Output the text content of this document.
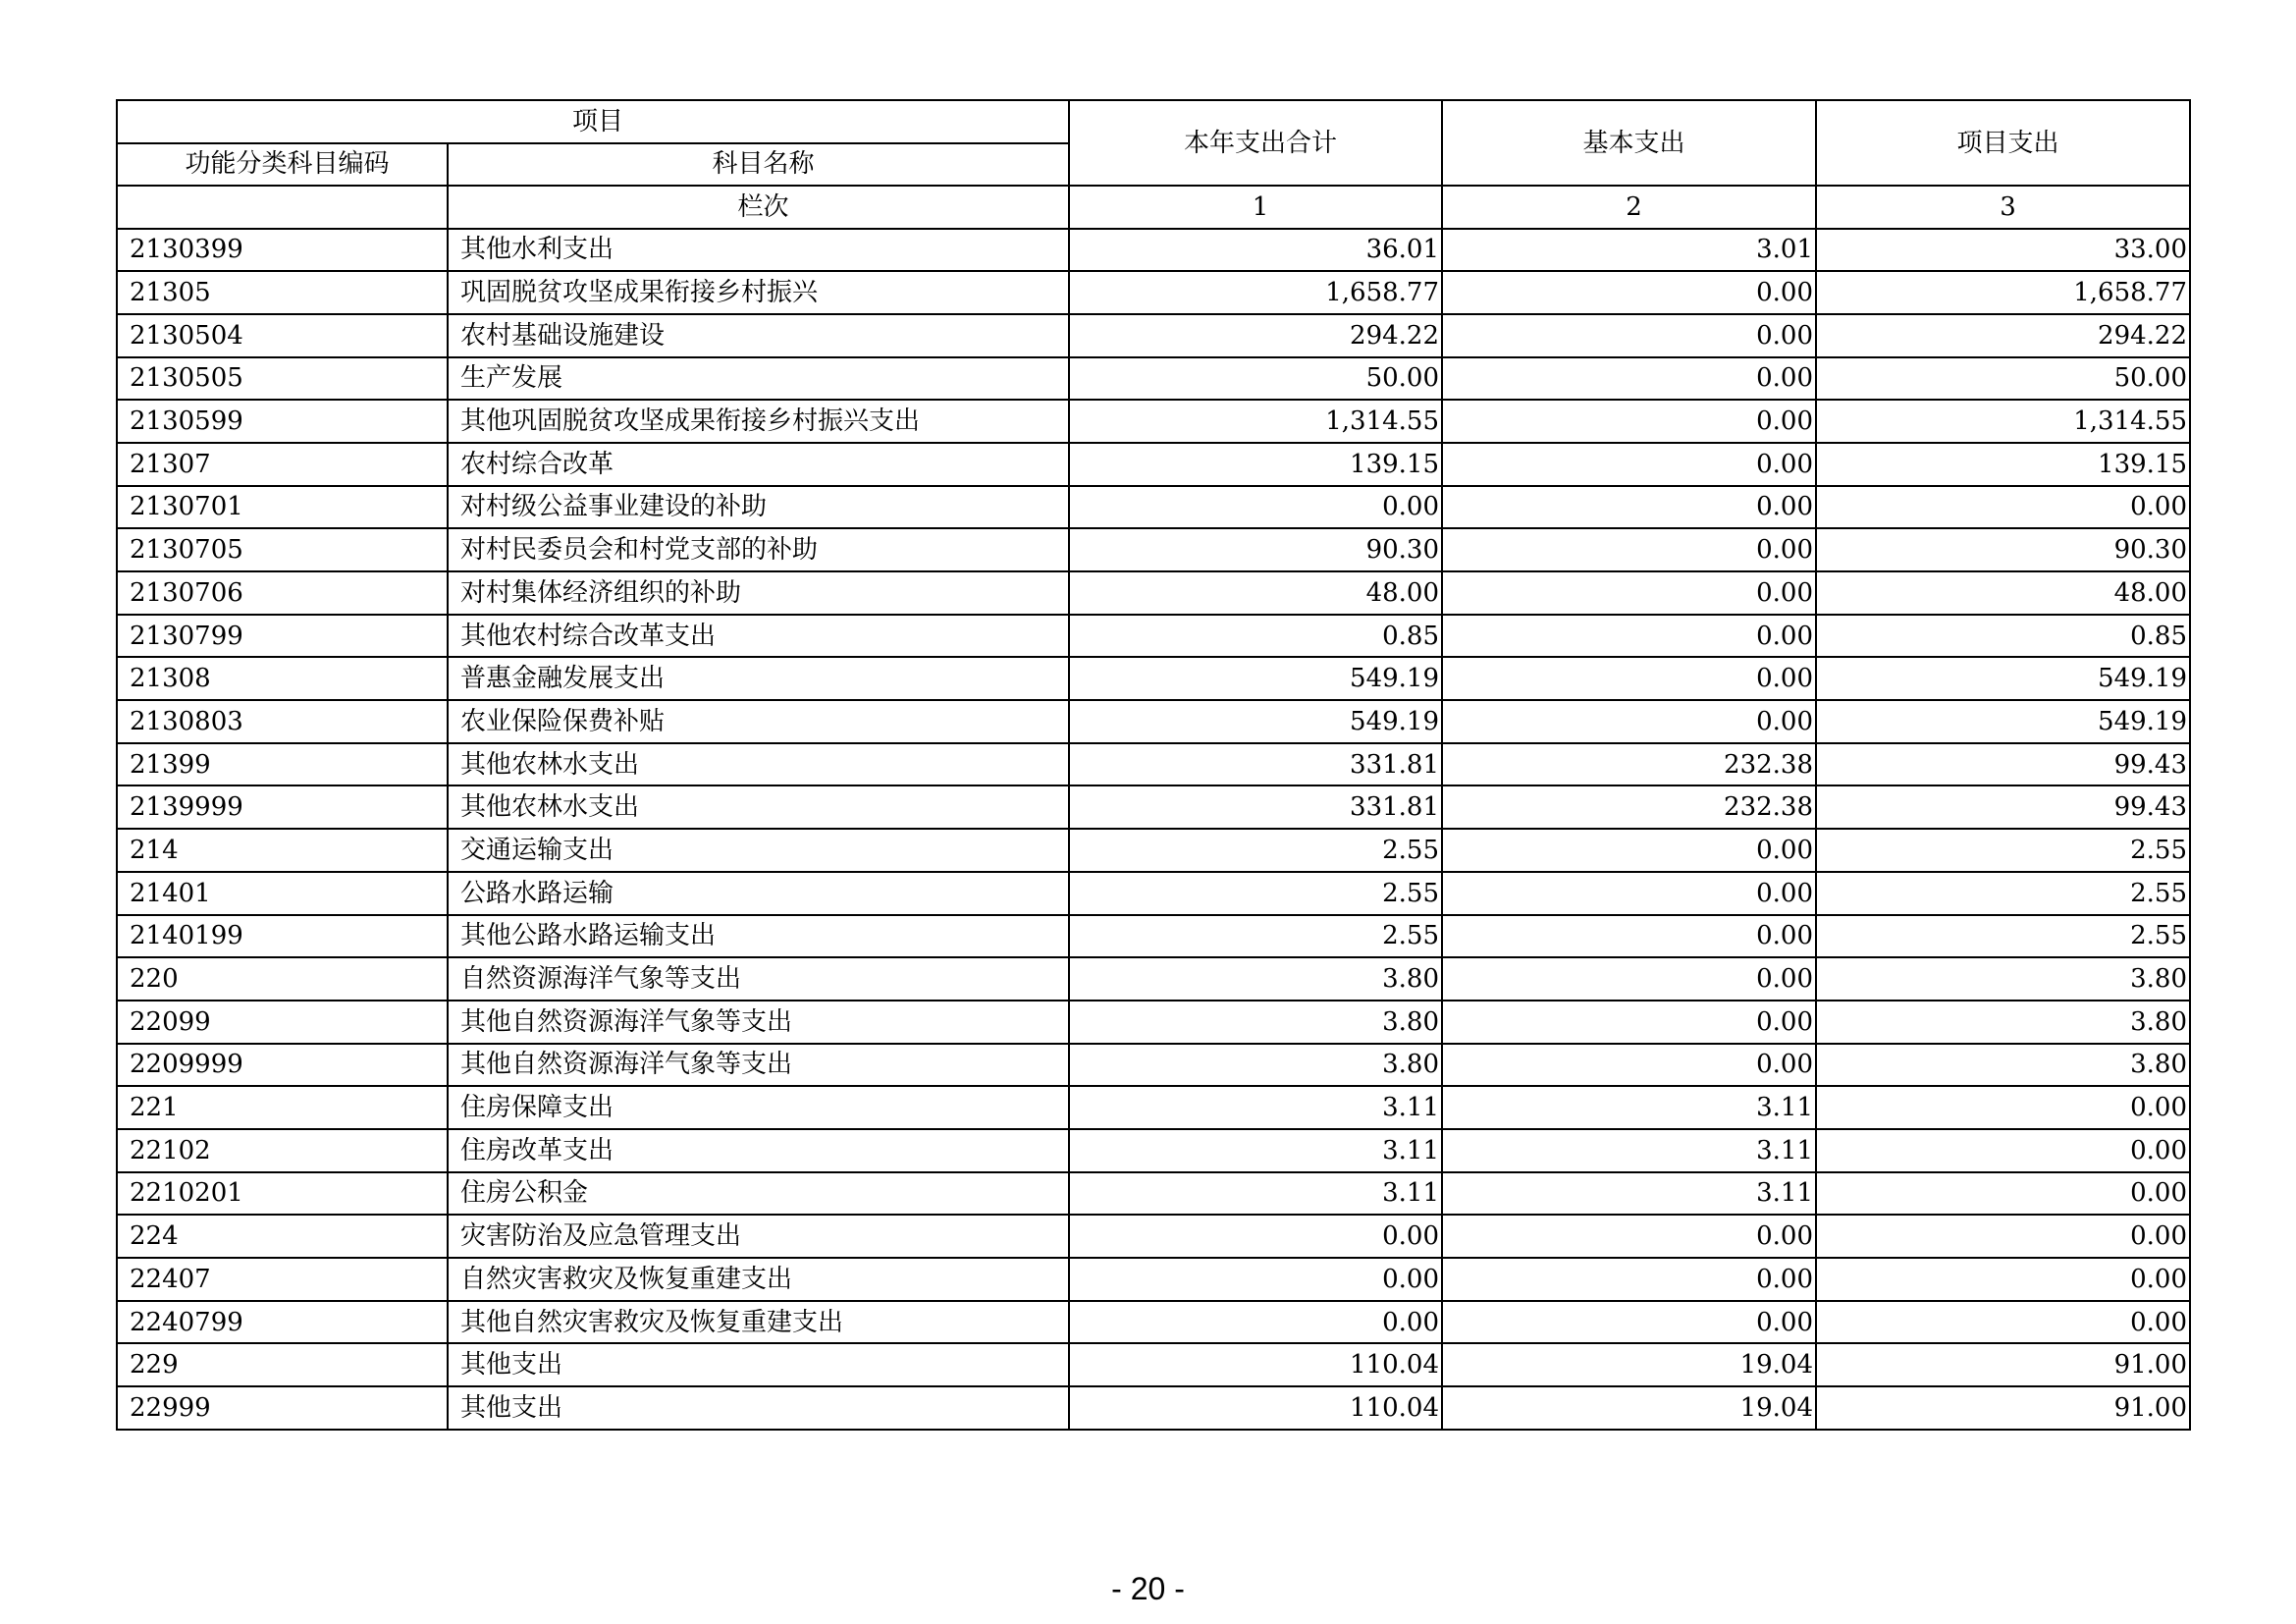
项目		本年支出合计	基本支出	项目支出
功能分类科目编码	科目名称			
	栏次	1	2	3
2130399	其他水利支出	36.01	3.01	33.00
21305	巩固脱贫攻坚成果衔接乡村振兴	1,658.77	0.00	1,658.77
2130504	农村基础设施建设	294.22	0.00	294.22
2130505	生产发展	50.00	0.00	50.00
2130599	其他巩固脱贫攻坚成果衔接乡村振兴支出	1,314.55	0.00	1,314.55
21307	农村综合改革	139.15	0.00	139.15
2130701	对村级公益事业建设的补助	0.00	0.00	0.00
2130705	对村民委员会和村党支部的补助	90.30	0.00	90.30
2130706	对村集体经济组织的补助	48.00	0.00	48.00
2130799	其他农村综合改革支出	0.85	0.00	0.85
21308	普惠金融发展支出	549.19	0.00	549.19
2130803	农业保险保费补贴	549.19	0.00	549.19
21399	其他农林水支出	331.81	232.38	99.43
2139999	其他农林水支出	331.81	232.38	99.43
214	交通运输支出	2.55	0.00	2.55
21401	公路水路运输	2.55	0.00	2.55
2140199	其他公路水路运输支出	2.55	0.00	2.55
220	自然资源海洋气象等支出	3.80	0.00	3.80
22099	其他自然资源海洋气象等支出	3.80	0.00	3.80
2209999	其他自然资源海洋气象等支出	3.80	0.00	3.80
221	住房保障支出	3.11	3.11	0.00
22102	住房改革支出	3.11	3.11	0.00
2210201	住房公积金	3.11	3.11	0.00
224	灾害防治及应急管理支出	0.00	0.00	0.00
22407	自然灾害救灾及恢复重建支出	0.00	0.00	0.00
2240799	其他自然灾害救灾及恢复重建支出	0.00	0.00	0.00
229	其他支出	110.04	19.04	91.00
22999	其他支出	110.04	19.04	91.00
- 20 -
